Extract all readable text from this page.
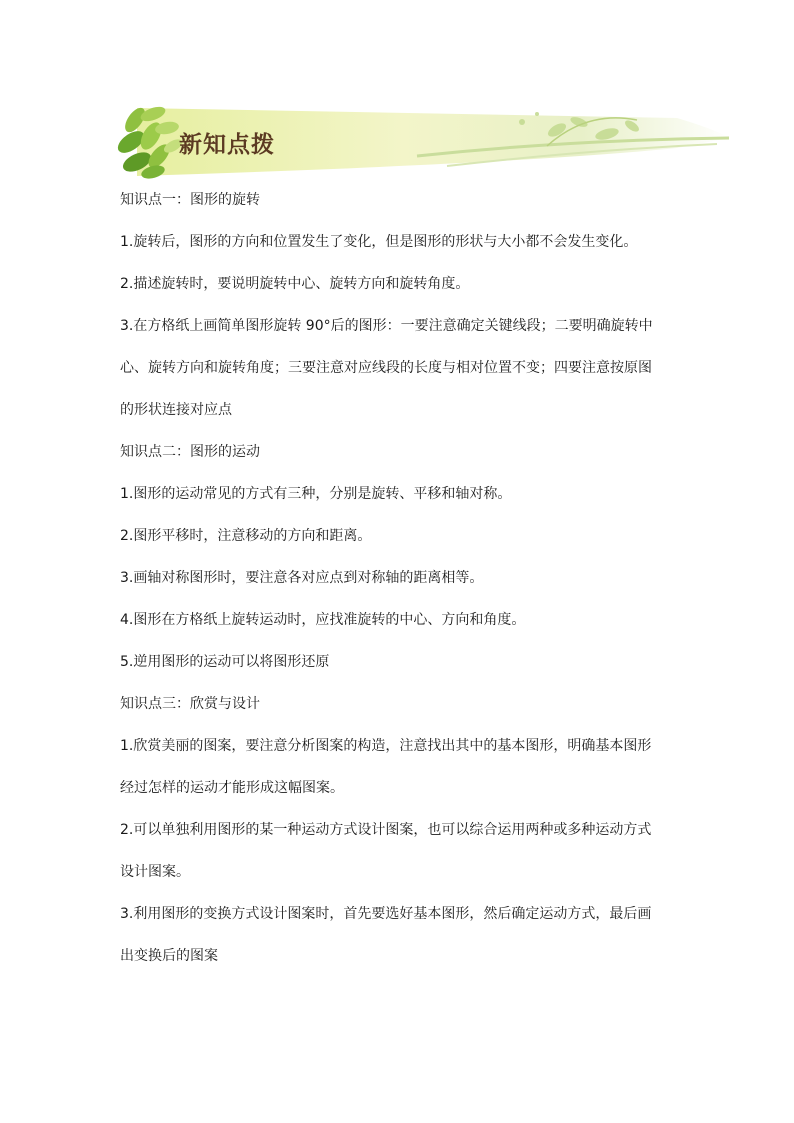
新知点拨
知识点一：图形的旋转
1.旋转后，图形的方向和位置发生了变化，但是图形的形状与大小都不会发生变化。
2.描述旋转时，要说明旋转中心、旋转方向和旋转角度。
3.在方格纸上画简单图形旋转 90°后的图形：一要注意确定关键线段；二要明确旋转中
心、旋转方向和旋转角度；三要注意对应线段的长度与相对位置不变；四要注意按原图
的形状连接对应点
知识点二：图形的运动
1.图形的运动常见的方式有三种，分别是旋转、平移和轴对称。
2.图形平移时，注意移动的方向和距离。
3.画轴对称图形时，要注意各对应点到对称轴的距离相等。
4.图形在方格纸上旋转运动时，应找准旋转的中心、方向和角度。
5.逆用图形的运动可以将图形还原
知识点三：欣赏与设计
1.欣赏美丽的图案，要注意分析图案的构造，注意找出其中的基本图形，明确基本图形
经过怎样的运动才能形成这幅图案。
2.可以单独利用图形的某一种运动方式设计图案，也可以综合运用两种或多种运动方式
设计图案。
3.利用图形的变换方式设计图案时，首先要选好基本图形，然后确定运动方式，最后画
出变换后的图案
